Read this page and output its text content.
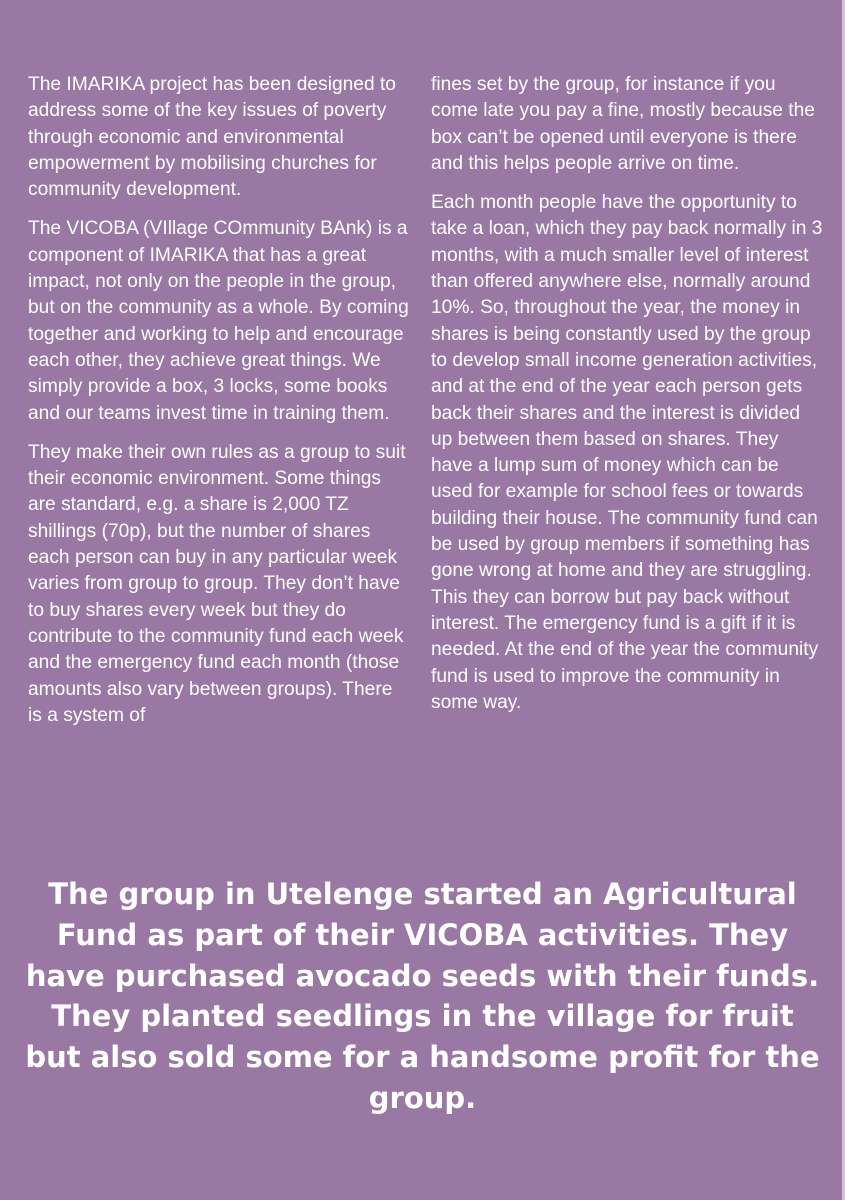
The IMARIKA project has been designed to address some of the key issues of poverty through economic and environmental empowerment by mobilising churches for community development.

The VICOBA (VIllage COmmunity BAnk) is a component of IMARIKA that has a great impact, not only on the people in the group, but on the community as a whole. By coming together and working to help and encourage each other, they achieve great things. We simply provide a box, 3 locks, some books and our teams invest time in training them.

They make their own rules as a group to suit their economic environment. Some things are standard, e.g. a share is 2,000 TZ shillings (70p), but the number of shares each person can buy in any particular week varies from group to group. They don’t have to buy shares every week but they do contribute to the community fund each week and the emergency fund each month (those amounts also vary between groups). There is a system of

fines set by the group, for instance if you come late you pay a fine, mostly because the box can’t be opened until everyone is there and this helps people arrive on time.

Each month people have the opportunity to take a loan, which they pay back normally in 3 months, with a much smaller level of interest than offered anywhere else, normally around 10%. So, throughout the year, the money in shares is being constantly used by the group to develop small income generation activities, and at the end of the year each person gets back their shares and the interest is divided up between them based on shares. They have a lump sum of money which can be used for example for school fees or towards building their house. The community fund can be used by group members if something has gone wrong at home and they are struggling. This they can borrow but pay back without interest. The emergency fund is a gift if it is needed. At the end of the year the community fund is used to improve the community in some way.

The group in Utelenge started an Agricultural Fund as part of their VICOBA activities. They have purchased avocado seeds with their funds. They planted seedlings in the village for fruit but also sold some for a handsome profit for the group.
